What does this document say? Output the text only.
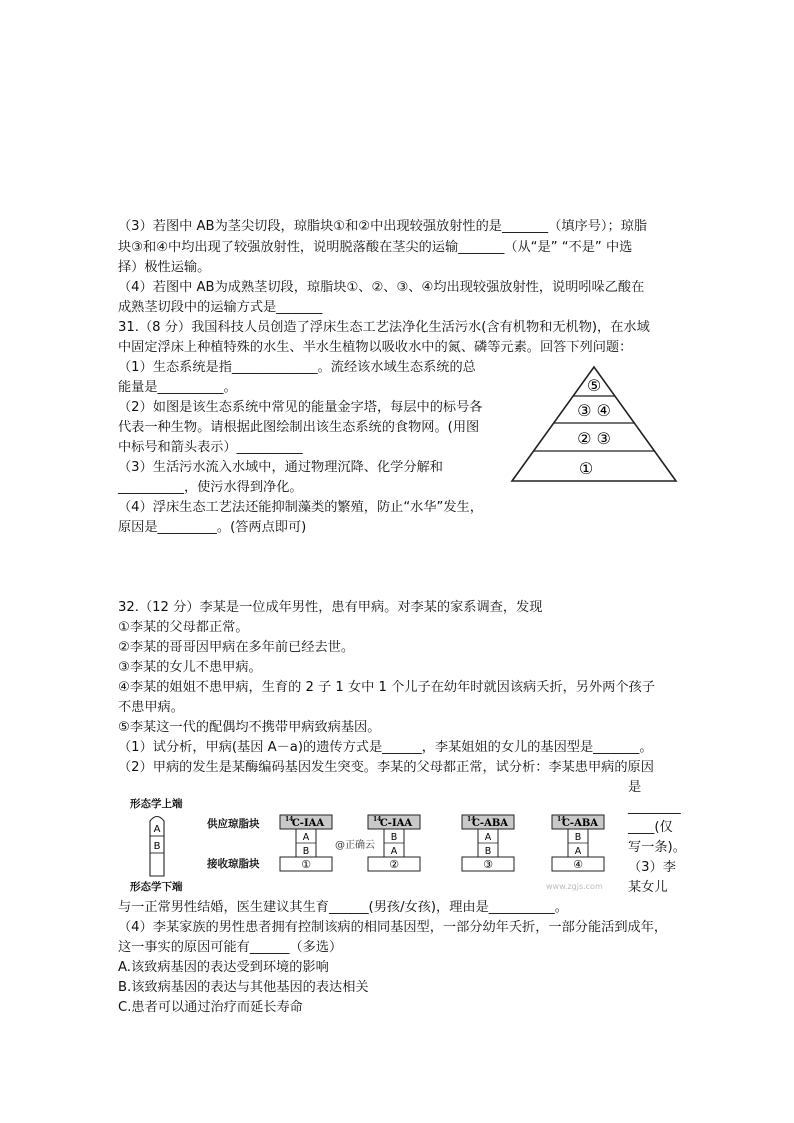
（3）若图中 AB为茎尖切段，琼脂块①和②中出现较强放射性的是_______（填序号）；琼脂
块③和④中均出现了较强放射性，说明脱落酸在茎尖的运输_______（从“是” “不是” 中选
择）极性运输。
（4）若图中 AB为成熟茎切段，琼脂块①、②、③、④均出现较强放射性，说明吲哚乙酸在
成熟茎切段中的运输方式是_______
31.（8 分）我国科技人员创造了浮床生态工艺法净化生活污水(含有机物和无机物)，在水域
中固定浮床上种植特殊的水生、半水生植物以吸收水中的氮、磷等元素。回答下列问题：
（1）生态系统是指_____________。流经该水域生态系统的总
能量是__________。
（2）如图是该生态系统中常见的能量金字塔，每层中的标号各
代表一种生物。请根据此图绘制出该生态系统的食物网。(用图
中标号和箭头表示）__________
（3）生活污水流入水域中，通过物理沉降、化学分解和
__________，使污水得到净化。
（4）浮床生态工艺法还能抑制藻类的繁殖，防止“水华”发生，
原因是_________。(答两点即可)
⑤
③ ④
② ③
①
32.（12 分）李某是一位成年男性，患有甲病。对李某的家系调查，发现
①李某的父母都正常。
②李某的哥哥因甲病在多年前已经去世。
③李某的女儿不患甲病。
④李某的姐姐不患甲病，生育的 2 子 1 女中 1 个儿子在幼年时就因该病夭折，另外两个孩子
不患甲病。
⑤李某这一代的配偶均不携带甲病致病基因。
（1）试分析，甲病(基因 A－a)的遗传方式是______，李某姐姐的女儿的基因型是_______。
（2）甲病的发生是某酶编码基因发生突变。李某的父母都正常，试分析：李某患甲病的原因
是
________
____(仅
写一条)。
（3）李
某女儿
形态学上端
形态学下端
供应琼脂块
接收琼脂块
A
B
14
C-IAA
A
B
①
14
C-IAA
B
A
②
14
C-ABA
A
B
③
14
C-ABA
B
A
④
@正确云
www.zgjs.com
与一正常男性结婚，医生建议其生育______(男孩/女孩)，理由是__________。
（4）李某家族的男性患者拥有控制该病的相同基因型，一部分幼年夭折，一部分能活到成年，
这一事实的原因可能有______（多选）
A.该致病基因的表达受到环境的影响
B.该致病基因的表达与其他基因的表达相关
C.患者可以通过治疗而延长寿命
